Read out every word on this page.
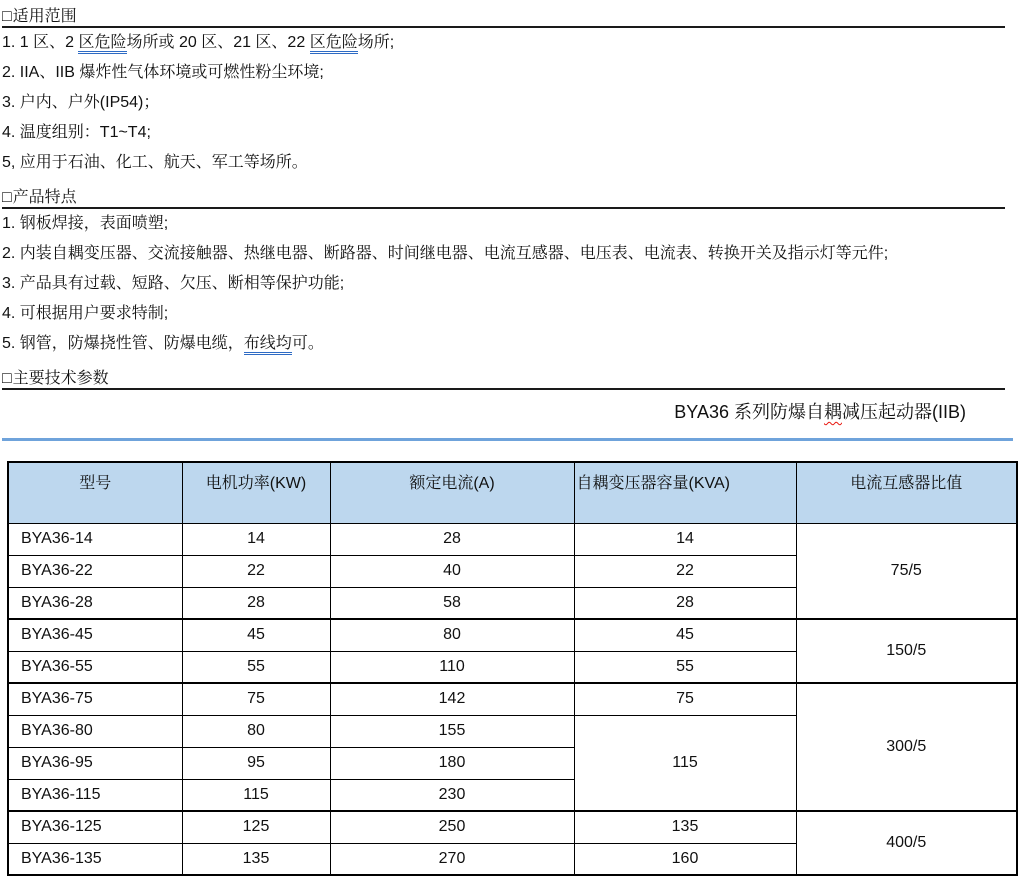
□适用范围
1. 1 区、2 区危险场所或 20 区、21 区、22 区危险场所;
2. IIA、IIB 爆炸性气体环境或可燃性粉尘环境;
3. 户内、户外(IP54)；
4. 温度组别：T1~T4;
5, 应用于石油、化工、航天、军工等场所。
□产品特点
1. 钢板焊接，表面喷塑;
2. 内装自耦变压器、交流接触器、热继电器、断路器、时间继电器、电流互感器、电压表、电流表、转换开关及指示灯等元件;
3. 产品具有过载、短路、欠压、断相等保护功能;
4. 可根据用户要求特制;
5. 钢管，防爆挠性管、防爆电缆，布线均可。
□主要技术参数
BYA36 系列防爆自耦减压起动器(IIB)
型号	电机功率(KW)	额定电流(A)	自耦变压器容量(KVA)	电流互感器比值
BYA36-14	14	28	14	75/5
BYA36-22	22	40	22	
BYA36-28	28	58	28	
BYA36-45	45	80	45	150/5
BYA36-55	55	110	55	
BYA36-75	75	142	75	300/5
BYA36-80	80	155	115	
BYA36-95	95	180		
BYA36-115	115	230		
BYA36-125	125	250	135	400/5
BYA36-135	135	270	160	
